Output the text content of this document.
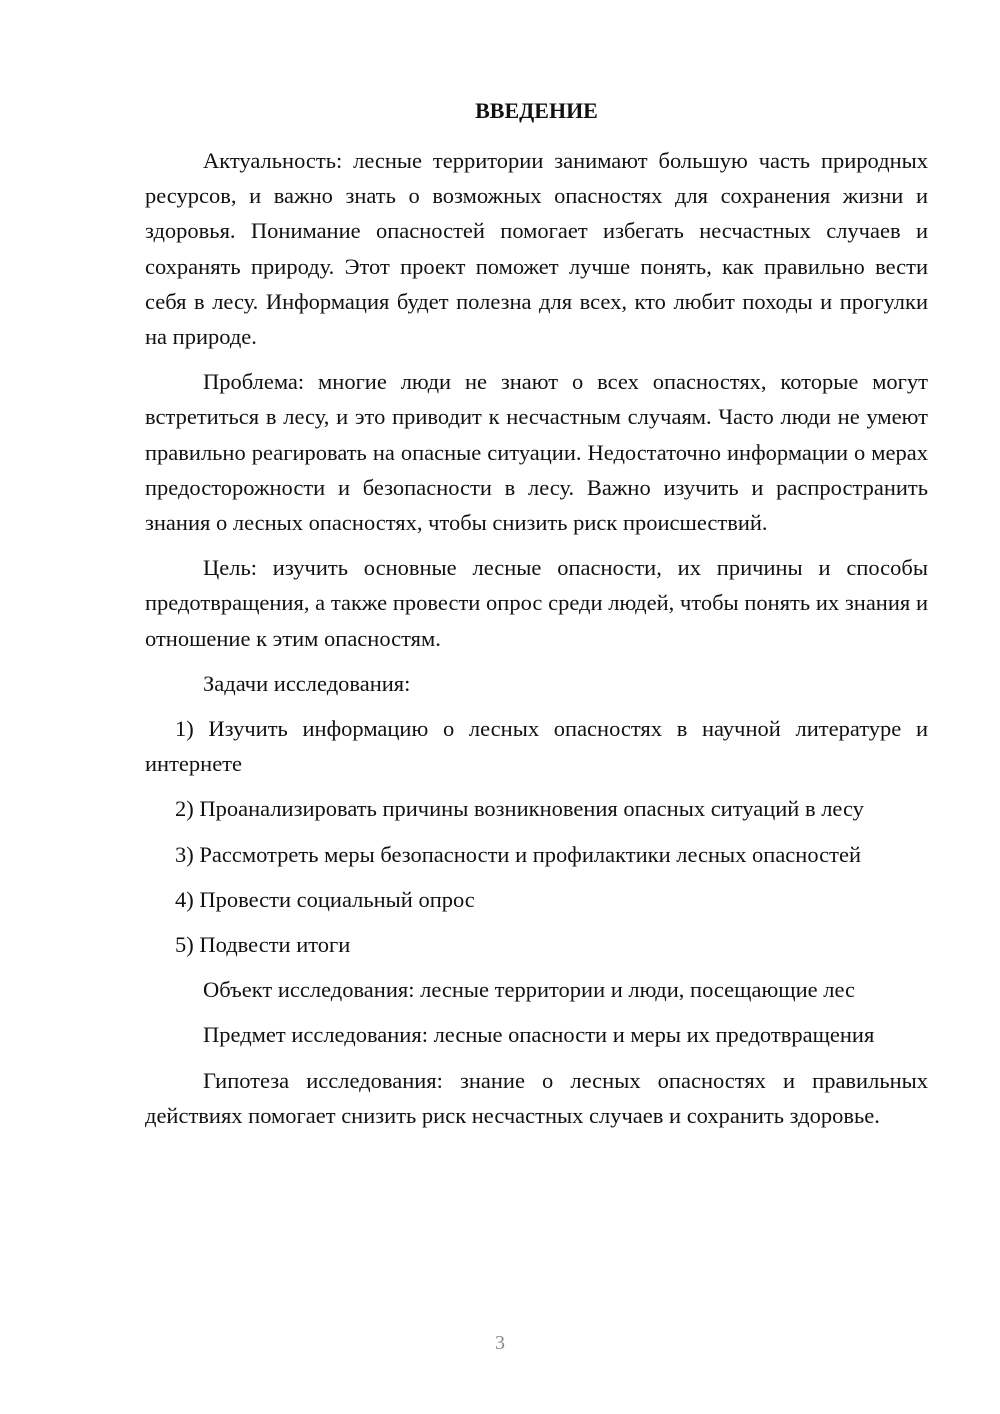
ВВЕДЕНИЕ

Актуальность: лесные территории занимают большую часть природных ресурсов, и важно знать о возможных опасностях для сохранения жизни и здоровья. Понимание опасностей помогает избегать несчастных случаев и сохранять природу. Этот проект поможет лучше понять, как правильно вести себя в лесу. Информация будет полезна для всех, кто любит походы и прогулки на природе.

Проблема: многие люди не знают о всех опасностях, которые могут встретиться в лесу, и это приводит к несчастным случаям. Часто люди не умеют правильно реагировать на опасные ситуации. Недостаточно информации о мерах предосторожности и безопасности в лесу. Важно изучить и распространить знания о лесных опасностях, чтобы снизить риск происшествий.

Цель: изучить основные лесные опасности, их причины и способы предотвращения, а также провести опрос среди людей, чтобы понять их знания и отношение к этим опасностям.

Задачи исследования:

1) Изучить информацию о лесных опасностях в научной литературе и интернете

2) Проанализировать причины возникновения опасных ситуаций в лесу

3) Рассмотреть меры безопасности и профилактики лесных опасностей

4) Провести социальный опрос

5) Подвести итоги

Объект исследования: лесные территории и люди, посещающие лес

Предмет исследования: лесные опасности и меры их предотвращения

Гипотеза исследования: знание о лесных опасностях и правильных действиях помогает снизить риск несчастных случаев и сохранить здоровье.

3
